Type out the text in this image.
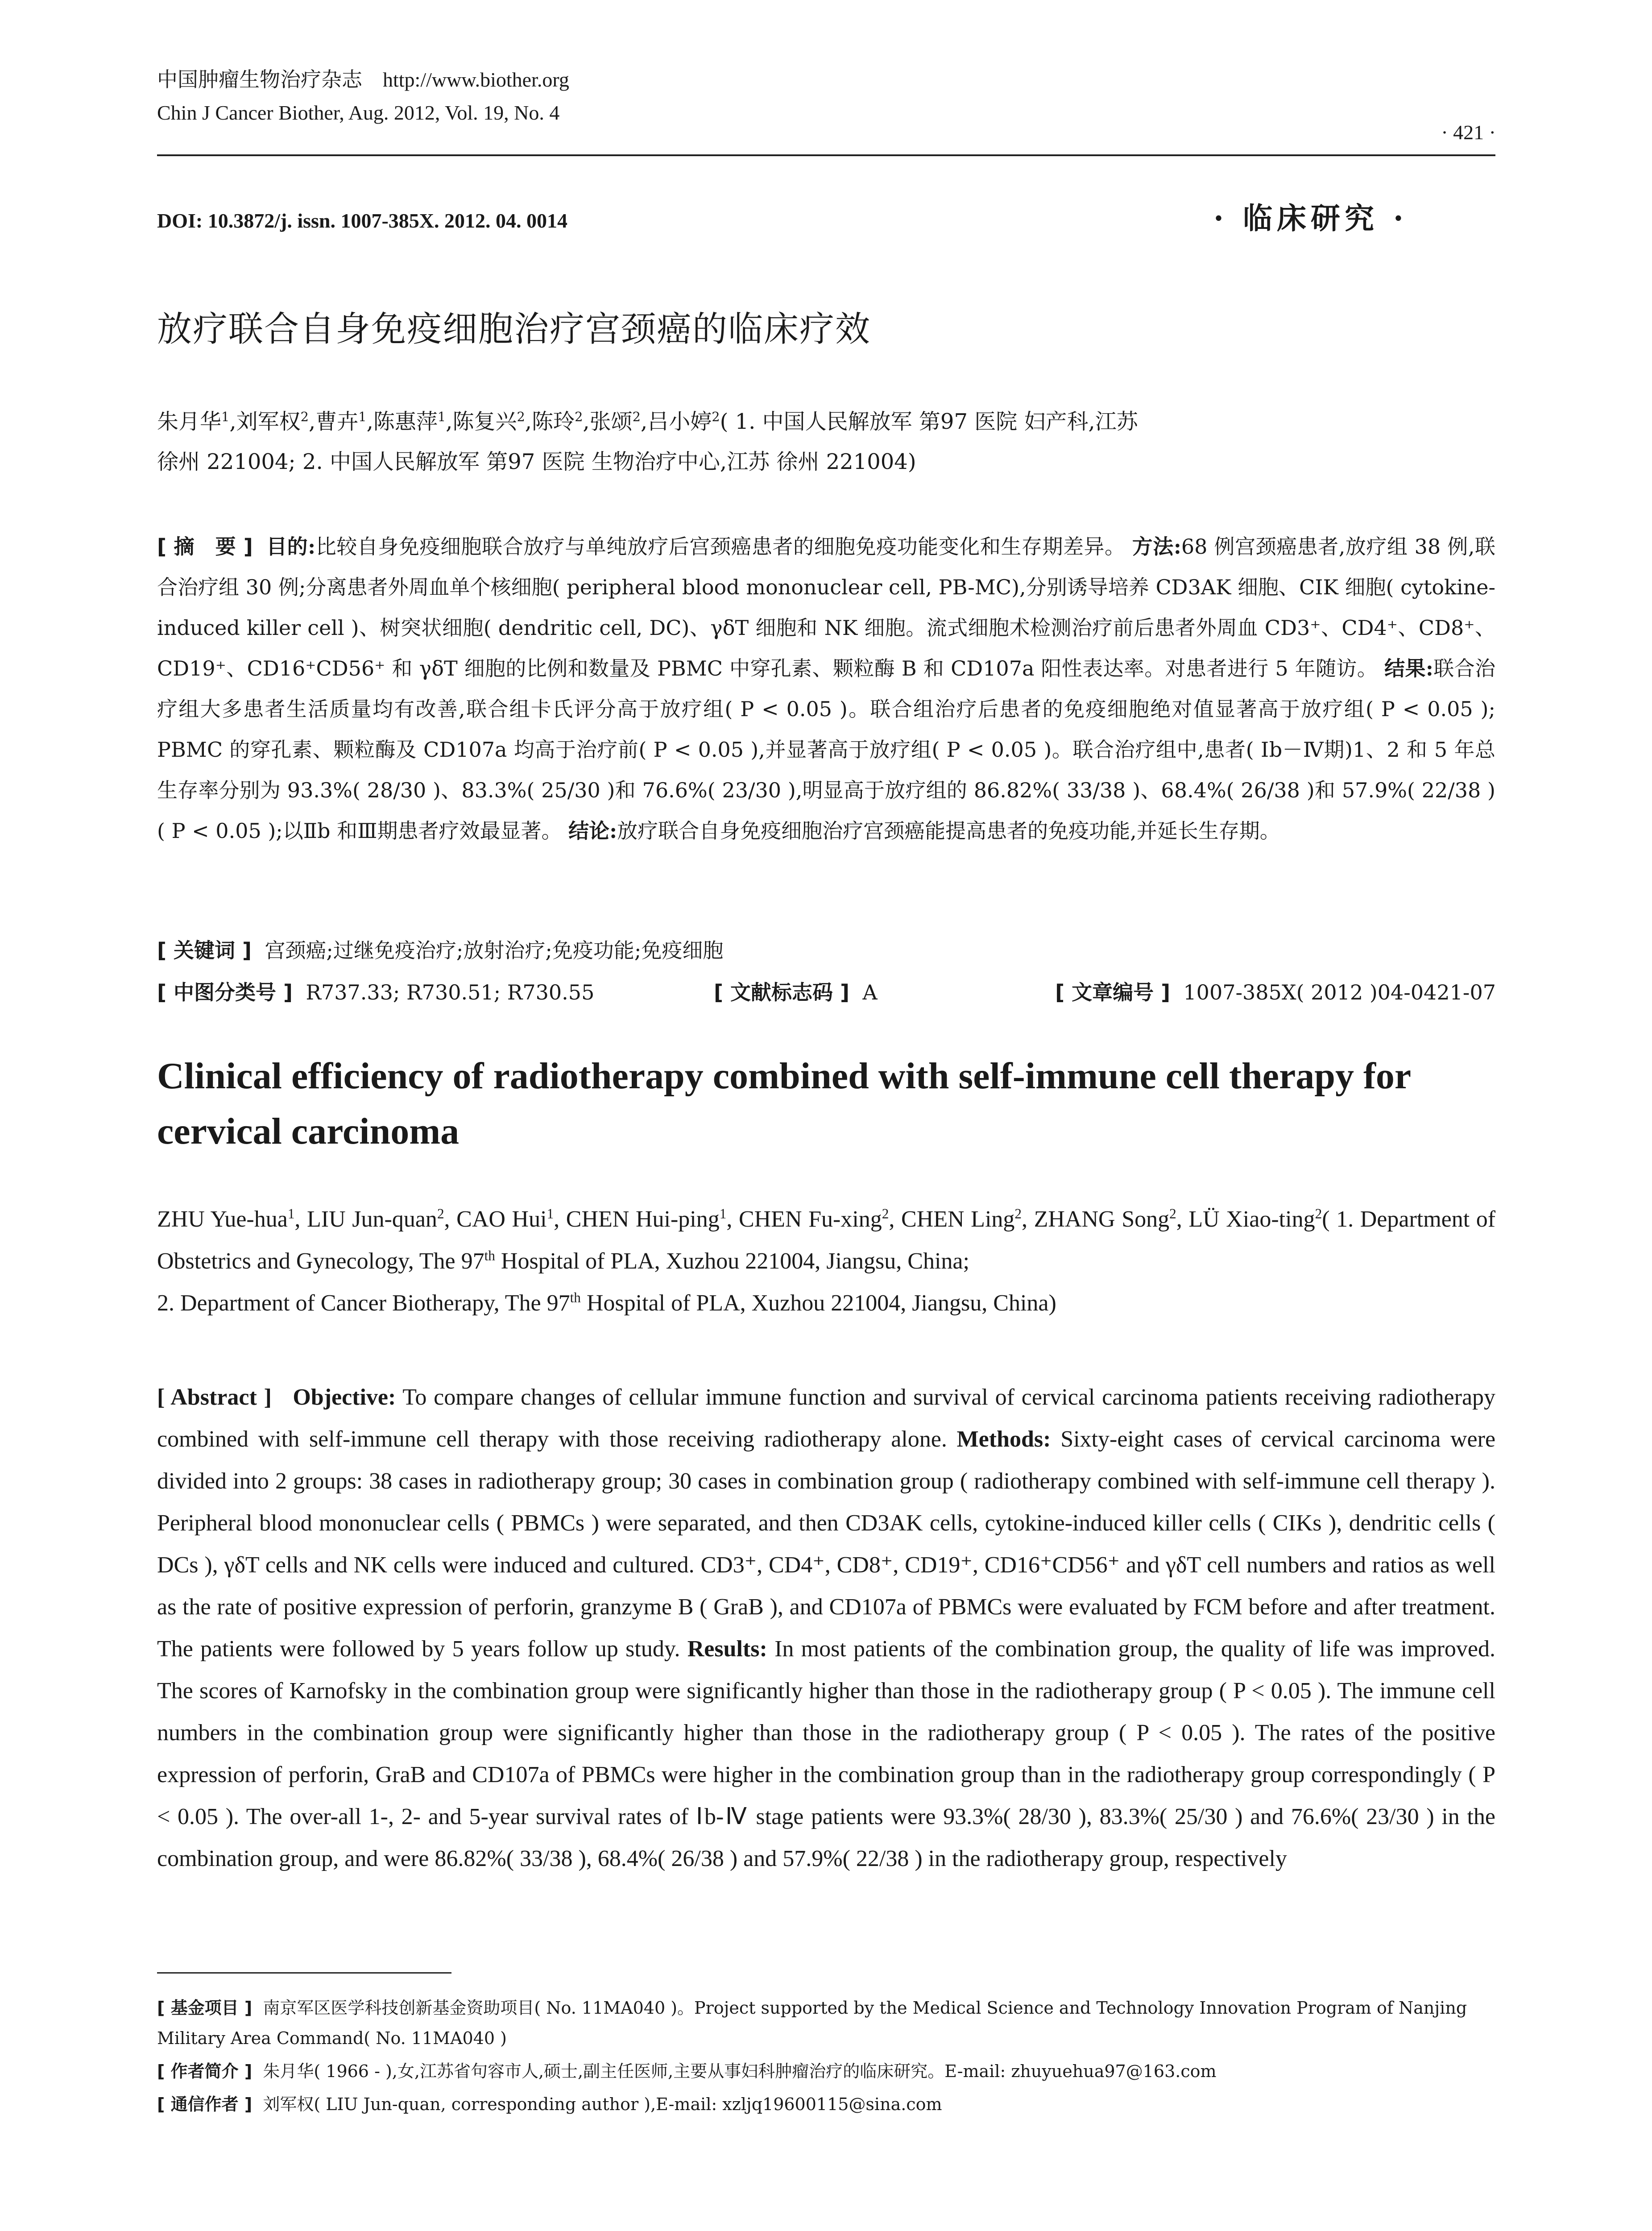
中国肿瘤生物治疗杂志 http://www.biother.org
Chin J Cancer Biother, Aug. 2012, Vol. 19, No. 4
· 421 ·
DOI: 10.3872/j. issn. 1007-385X. 2012. 04. 0014	· 临床研究 ·
放疗联合自身免疫细胞治疗宫颈癌的临床疗效
朱月华$^1$,刘军权$^2$,曹卉$^1$,陈惠萍$^1$,陈复兴$^2$,陈玲$^2$,张颂$^2$,吕小婷$^2$( 1. 中国人民解放军 第97 医院 妇产科,江苏
徐州 221004; 2. 中国人民解放军 第97 医院 生物治疗中心,江苏 徐州 221004)
[ 摘　要 ] 目的:比较自身免疫细胞联合放疗与单纯放疗后宫颈癌患者的细胞免疫功能变化和生存期差异。 方法:68 例宫颈癌患者,放疗组 38 例,联合治疗组 30 例;分离患者外周血单个核细胞( peripheral blood mononuclear cell, PB-MC),分别诱导培养 CD3AK 细胞、CIK 细胞( cytokine-induced killer cell )、树突状细胞( dendritic cell, DC)、γδT 细胞和 NK 细胞。流式细胞术检测治疗前后患者外周血 CD3⁺、CD4⁺、CD8⁺、CD19⁺、CD16⁺CD56⁺ 和 γδT 细胞的比例和数量及 PBMC 中穿孔素、颗粒酶 B 和 CD107a 阳性表达率。对患者进行 5 年随访。 结果:联合治疗组大多患者生活质量均有改善,联合组卡氏评分高于放疗组( P < 0.05 )。联合组治疗后患者的免疫细胞绝对值显著高于放疗组( P < 0.05 ); PBMC 的穿孔素、颗粒酶及 CD107a 均高于治疗前( P < 0.05 ),并显著高于放疗组( P < 0.05 )。联合治疗组中,患者( Ⅰb－Ⅳ期)1、2 和 5 年总生存率分别为 93.3%( 28/30 )、83.3%( 25/30 )和 76.6%( 23/30 ),明显高于放疗组的 86.82%( 33/38 )、68.4%( 26/38 )和 57.9%( 22/38 )( P < 0.05 );以Ⅱb 和Ⅲ期患者疗效最显著。 结论:放疗联合自身免疫细胞治疗宫颈癌能提高患者的免疫功能,并延长生存期。
[ 关键词 ] 宫颈癌;过继免疫治疗;放射治疗;免疫功能;免疫细胞
[ 中图分类号 ] R737.33; R730.51; R730.55	[ 文献标志码 ] A	[ 文章编号 ] 1007-385X( 2012 )04-0421-07
Clinical efficiency of radiotherapy combined with self-immune cell therapy for cervical carcinoma
ZHU Yue-hua$^1$, LIU Jun-quan$^2$, CAO Hui$^1$, CHEN Hui-ping$^1$, CHEN Fu-xing$^2$, CHEN Ling$^2$, ZHANG Song$^2$, LÜ Xiao-ting$^2$( 1. Department of Obstetrics and Gynecology, The 97th Hospital of PLA, Xuzhou 221004, Jiangsu, China;
2. Department of Cancer Biotherapy, The 97th Hospital of PLA, Xuzhou 221004, Jiangsu, China)
[ Abstract ] Objective: To compare changes of cellular immune function and survival of cervical carcinoma patients receiving radiotherapy combined with self-immune cell therapy with those receiving radiotherapy alone. Methods: Sixty-eight cases of cervical carcinoma were divided into 2 groups: 38 cases in radiotherapy group; 30 cases in combination group ( radiotherapy combined with self-immune cell therapy ). Peripheral blood mononuclear cells ( PBMCs ) were separated, and then CD3AK cells, cytokine-induced killer cells ( CIKs ), dendritic cells ( DCs ), γδT cells and NK cells were induced and cultured. CD3⁺, CD4⁺, CD8⁺, CD19⁺, CD16⁺CD56⁺ and γδT cell numbers and ratios as well as the rate of positive expression of perforin, granzyme B ( GraB ), and CD107a of PBMCs were evaluated by FCM before and after treatment. The patients were followed by 5 years follow up study. Results: In most patients of the combination group, the quality of life was improved. The scores of Karnofsky in the combination group were significantly higher than those in the radiotherapy group ( P < 0.05 ). The immune cell numbers in the combination group were significantly higher than those in the radiotherapy group ( P < 0.05 ). The rates of the positive expression of perforin, GraB and CD107a of PBMCs were higher in the combination group than in the radiotherapy group correspondingly ( P < 0.05 ). The over-all 1-, 2- and 5-year survival rates of Ⅰb-Ⅳ stage patients were 93.3%( 28/30 ), 83.3%( 25/30 ) and 76.6%( 23/30 ) in the combination group, and were 86.82%( 33/38 ), 68.4%( 26/38 ) and 57.9%( 22/38 ) in the radiotherapy group, respectively
[ 基金项目 ] 南京军区医学科技创新基金资助项目( No. 11MA040 )。Project supported by the Medical Science and Technology Innovation Program of Nanjing Military Area Command( No. 11MA040 )
[ 作者简介 ] 朱月华( 1966 - ),女,江苏省句容市人,硕士,副主任医师,主要从事妇科肿瘤治疗的临床研究。E-mail: zhuyuehua97@163.com
[ 通信作者 ] 刘军权( LIU Jun-quan, corresponding author ),E-mail: xzljq19600115@sina.com
